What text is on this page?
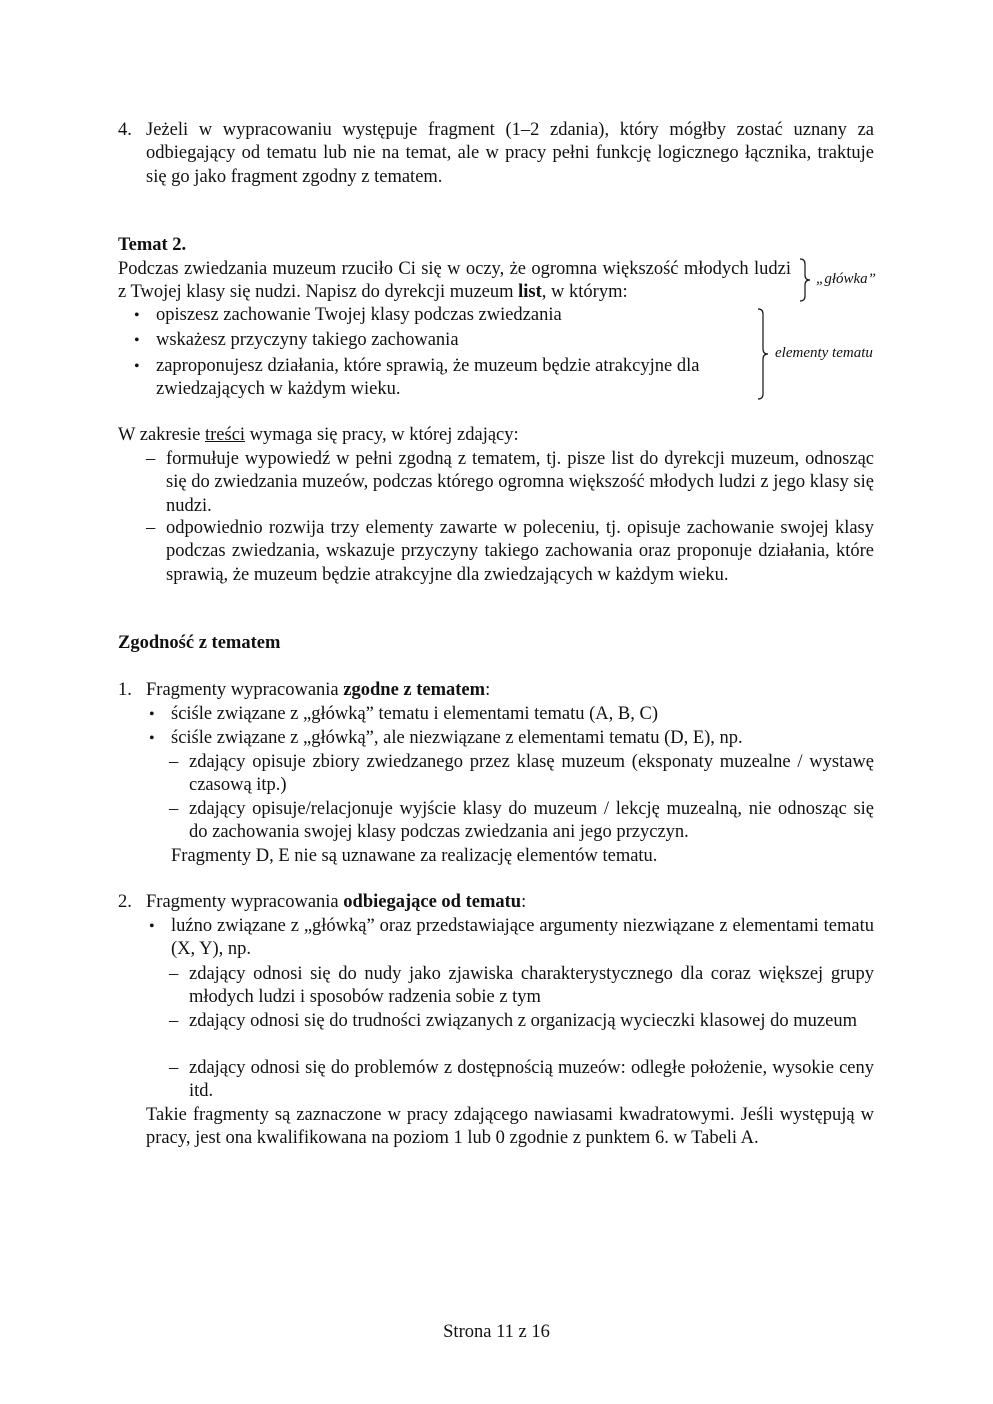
4. Jeżeli w wypracowaniu występuje fragment (1–2 zdania), który mógłby zostać uznany za odbiegający od tematu lub nie na temat, ale w pracy pełni funkcję logicznego łącznika, traktuje się go jako fragment zgodny z tematem.
Temat 2.
Podczas zwiedzania muzeum rzuciło Ci się w oczy, że ogromna większość młodych ludzi z Twojej klasy się nudzi. Napisz do dyrekcji muzeum list, w którym:
„główka”
• opiszesz zachowanie Twojej klasy podczas zwiedzania
• wskażesz przyczyny takiego zachowania
• zaproponujesz działania, które sprawią, że muzeum będzie atrakcyjne dla zwiedzających w każdym wieku.
elementy tematu
W zakresie treści wymaga się pracy, w której zdający:
– formułuje wypowiedź w pełni zgodną z tematem, tj. pisze list do dyrekcji muzeum, odnosząc się do zwiedzania muzeów, podczas którego ogromna większość młodych ludzi z jego klasy się nudzi.
– odpowiednio rozwija trzy elementy zawarte w poleceniu, tj. opisuje zachowanie swojej klasy podczas zwiedzania, wskazuje przyczyny takiego zachowania oraz proponuje działania, które sprawią, że muzeum będzie atrakcyjne dla zwiedzających w każdym wieku.
Zgodność z tematem
1. Fragmenty wypracowania zgodne z tematem:
• ściśle związane z „główką” tematu i elementami tematu (A, B, C)
• ściśle związane z „główką”, ale niezwiązane z elementami tematu (D, E), np.
– zdający opisuje zbiory zwiedzanego przez klasę muzeum (eksponaty muzealne / wystawę czasową itp.)
– zdający opisuje/relacjonuje wyjście klasy do muzeum / lekcję muzealną, nie odnosząc się do zachowania swojej klasy podczas zwiedzania ani jego przyczyn.
Fragmenty D, E nie są uznawane za realizację elementów tematu.
2. Fragmenty wypracowania odbiegające od tematu:
• luźno związane z „główką” oraz przedstawiające argumenty niezwiązane z elementami tematu (X, Y), np.
– zdający odnosi się do nudy jako zjawiska charakterystycznego dla coraz większej grupy młodych ludzi i sposobów radzenia sobie z tym
– zdający odnosi się do trudności związanych z organizacją wycieczki klasowej do muzeum
– zdający odnosi się do problemów z dostępnością muzeów: odległe położenie, wysokie ceny itd.
Takie fragmenty są zaznaczone w pracy zdającego nawiasami kwadratowymi. Jeśli występują w pracy, jest ona kwalifikowana na poziom 1 lub 0 zgodnie z punktem 6. w Tabeli A.
Strona 11 z 16
